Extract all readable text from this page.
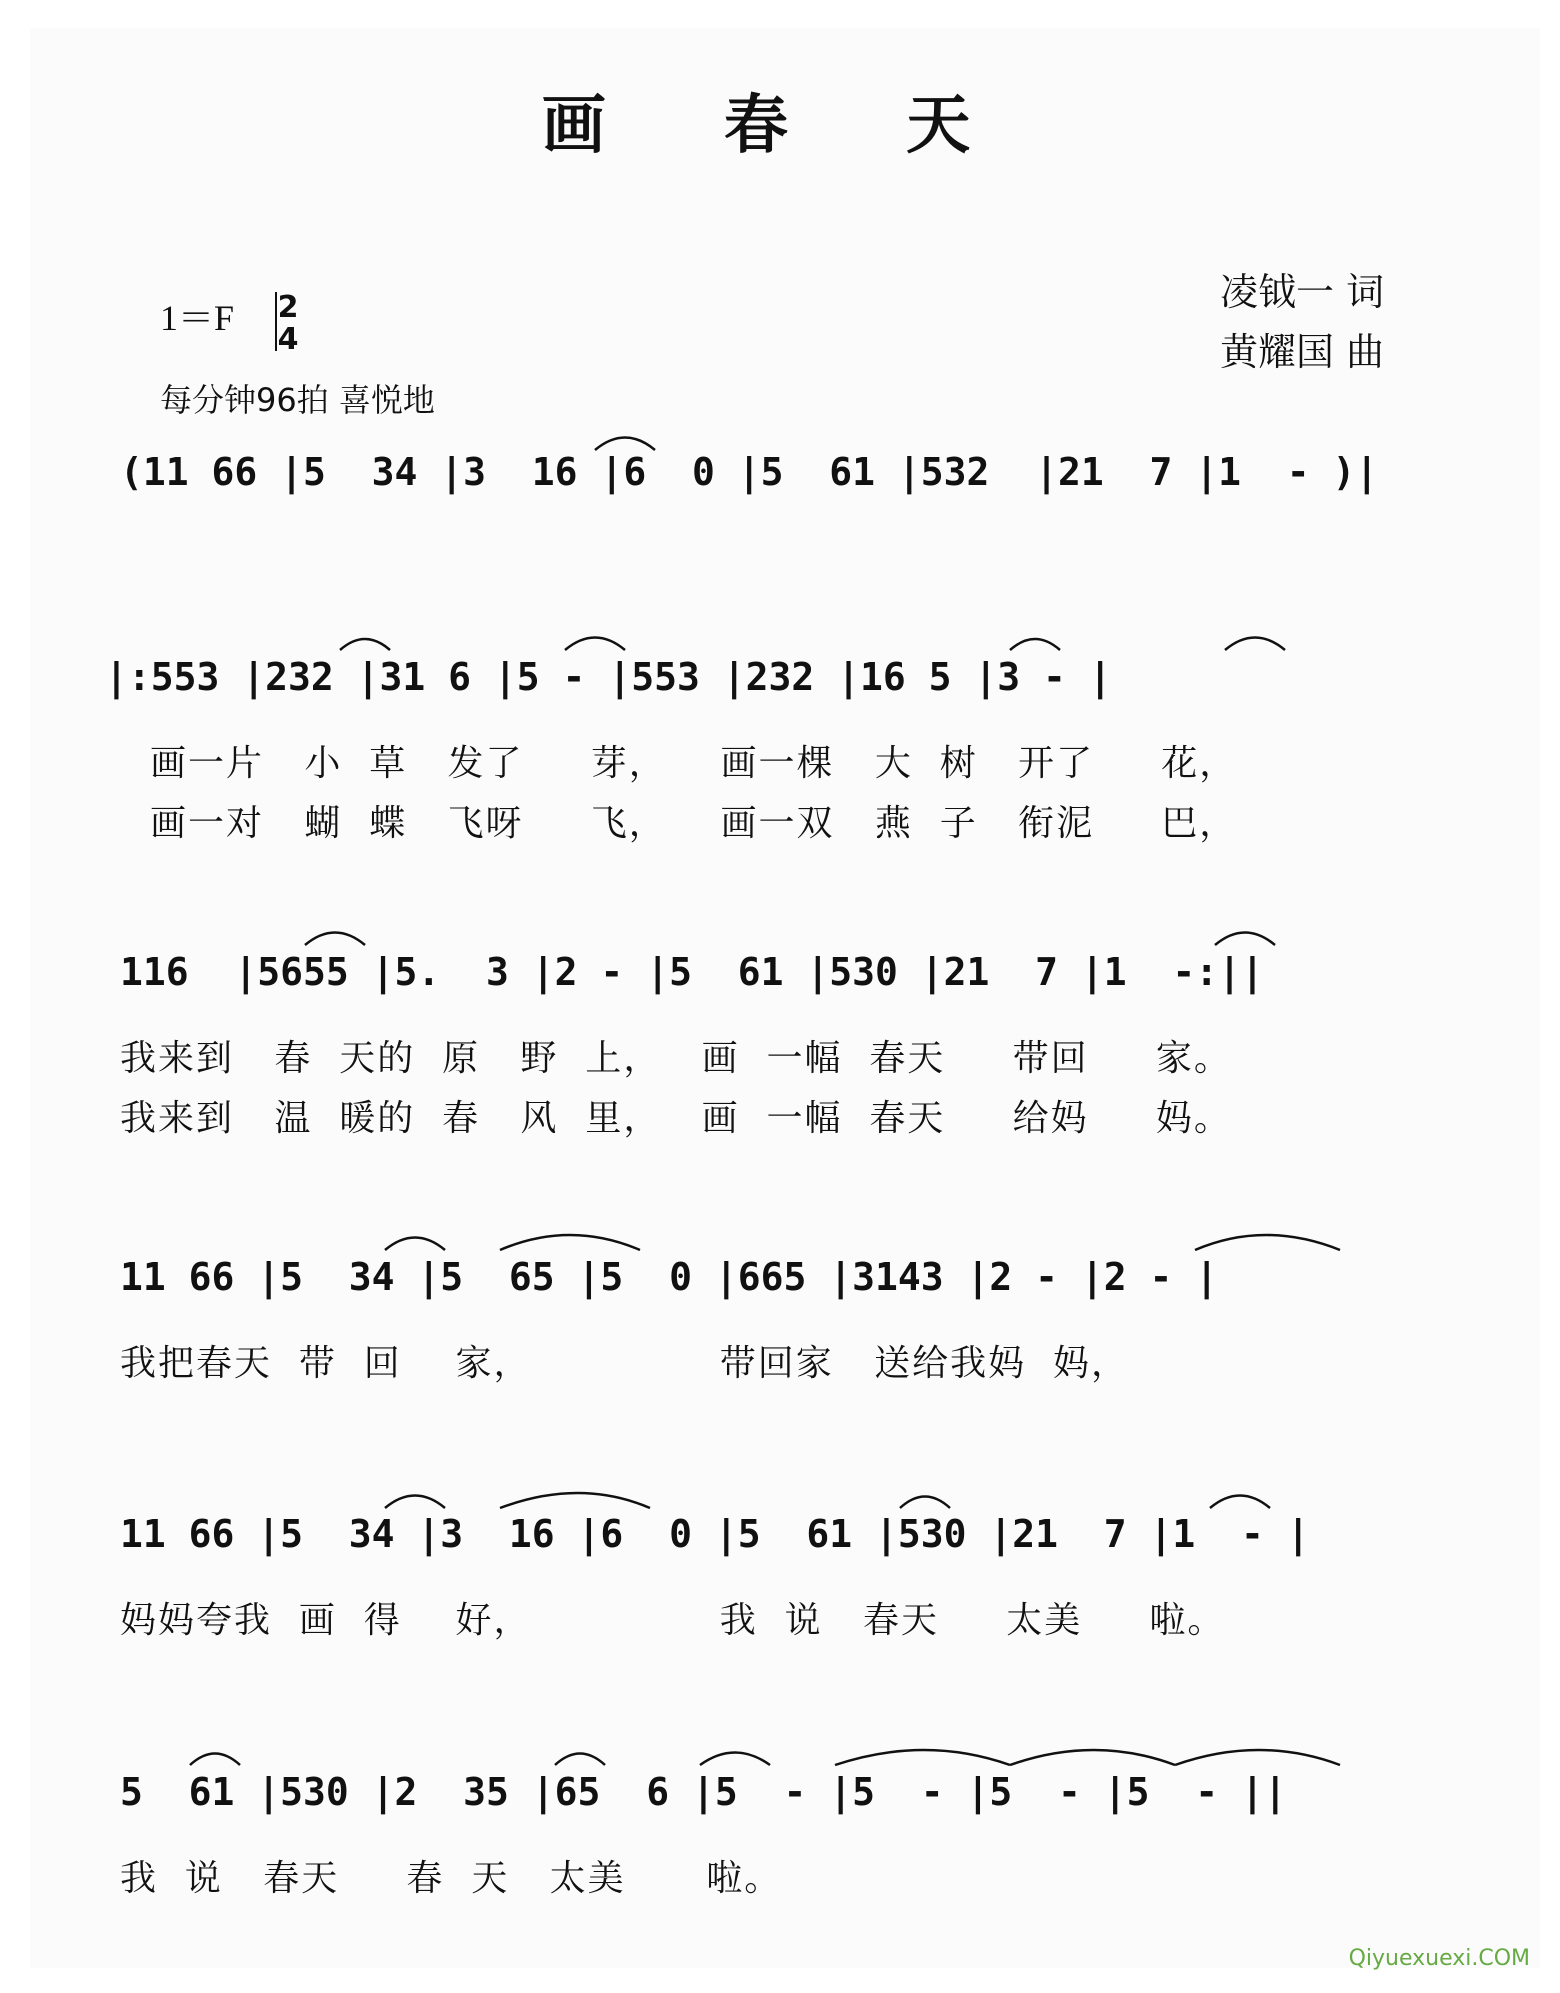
画 春 天
凌钺一 词
黄耀国 曲
1＝F 2
4
每分钟96拍 喜悦地
(11 66 |5  34 |3  16 |6  0 |5  61 |532  |21  7 |1  - )|
|:553 |232 |31 6 |5 - |553 |232 |16 5 |3 - |
画一片   小  草   发了     芽，    画一棵   大  树   开了     花，
画一对   蝴  蝶   飞呀     飞，    画一双   燕  子   衔泥     巴，
116  |5655 |5.  3 |2 - |5  61 |530 |21  7 |1  -:||
我来到   春  天的  原   野  上，   画  一幅  春天     带回     家。
我来到   温  暖的  春   风  里，   画  一幅  春天     给妈     妈。
11 66 |5  34 |5  65 |5  0 |665 |3143 |2 - |2 - |
我把春天  带  回    家，              带回家   送给我妈  妈，
11 66 |5  34 |3  16 |6  0 |5  61 |530 |21  7 |1  - |
妈妈夸我  画  得    好，              我  说   春天     太美     啦。
5  61 |530 |2  35 |65  6 |5  - |5  - |5  - |5  - ||
我  说   春天     春  天   太美      啦。
Qiyuexuexi.COM
